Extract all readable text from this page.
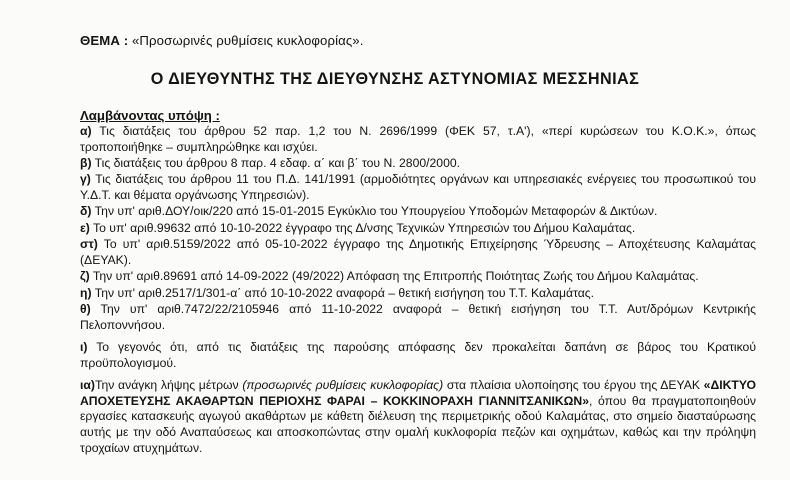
ΘΕΜΑ : «Προσωρινές ρυθμίσεις κυκλοφορίας».
Ο ΔΙΕΥΘΥΝΤΗΣ ΤΗΣ ΔΙΕΥΘΥΝΣΗΣ ΑΣΤΥΝΟΜΙΑΣ ΜΕΣΣΗΝΙΑΣ
Λαμβάνοντας υπόψη :
α) Τις διατάξεις του άρθρου 52 παρ. 1,2 του Ν. 2696/1999 (ΦΕΚ 57, τ.Α'), «περί κυρώσεων του Κ.Ο.Κ.», όπως τροποποιήθηκε – συμπληρώθηκε και ισχύει.
β) Τις διατάξεις του άρθρου 8 παρ. 4 εδαφ. α΄ και β΄ του Ν. 2800/2000.
γ) Τις διατάξεις του άρθρου 11 του Π.Δ. 141/1991 (αρμοδιότητες οργάνων και υπηρεσιακές ενέργειες του προσωπικού του Υ.Δ.Τ. και θέματα οργάνωσης Υπηρεσιών).
δ) Την υπ' αριθ.ΔΟΥ/οικ/220 από 15-01-2015 Εγκύκλιο του Υπουργείου Υποδομών Μεταφορών & Δικτύων.
ε) Το υπ' αριθ.99632 από 10-10-2022 έγγραφο της Δ/νσης Τεχνικών Υπηρεσιών του Δήμου Καλαμάτας.
στ) Το υπ' αριθ.5159/2022 από 05-10-2022 έγγραφο της Δημοτικής Επιχείρησης Ύδρευσης – Αποχέτευσης Καλαμάτας (ΔΕΥΑΚ).
ζ) Την υπ' αριθ.89691 από 14-09-2022 (49/2022) Απόφαση της Επιτροπής Ποιότητας Ζωής του Δήμου Καλαμάτας.
η) Την υπ' αριθ.2517/1/301-α΄ από 10-10-2022 αναφορά – θετική εισήγηση του Τ.Τ. Καλαμάτας.
θ) Την υπ' αριθ.7472/22/2105946 από 11-10-2022 αναφορά – θετική εισήγηση του Τ.Τ. Αυτ/δρόμων Κεντρικής Πελοποννήσου.
ι) Το γεγονός ότι, από τις διατάξεις της παρούσης απόφασης δεν προκαλείται δαπάνη σε βάρος του Κρατικού προϋπολογισμού.
ια)Την ανάγκη λήψης μέτρων (προσωρινές ρυθμίσεις κυκλοφορίας) στα πλαίσια υλοποίησης του έργου της ΔΕΥΑΚ «ΔΙΚΤΥΟ ΑΠΟΧΕΤΕΥΣΗΣ ΑΚΑΘΑΡΤΩΝ ΠΕΡΙΟΧΗΣ ΦΑΡΑΙ – ΚΟΚΚΙΝΟΡΑΧΗ ΓΙΑΝΝΙΤΣΑΝΙΚΩΝ», όπου θα πραγματοποιηθούν εργασίες κατασκευής αγωγού ακαθάρτων με κάθετη διέλευση της περιμετρικής οδού Καλαμάτας, στο σημείο διασταύρωσης αυτής με την οδό Αναπαύσεως και αποσκοπώντας στην ομαλή κυκλοφορία πεζών και οχημάτων, καθώς και την πρόληψη τροχαίων ατυχημάτων.
